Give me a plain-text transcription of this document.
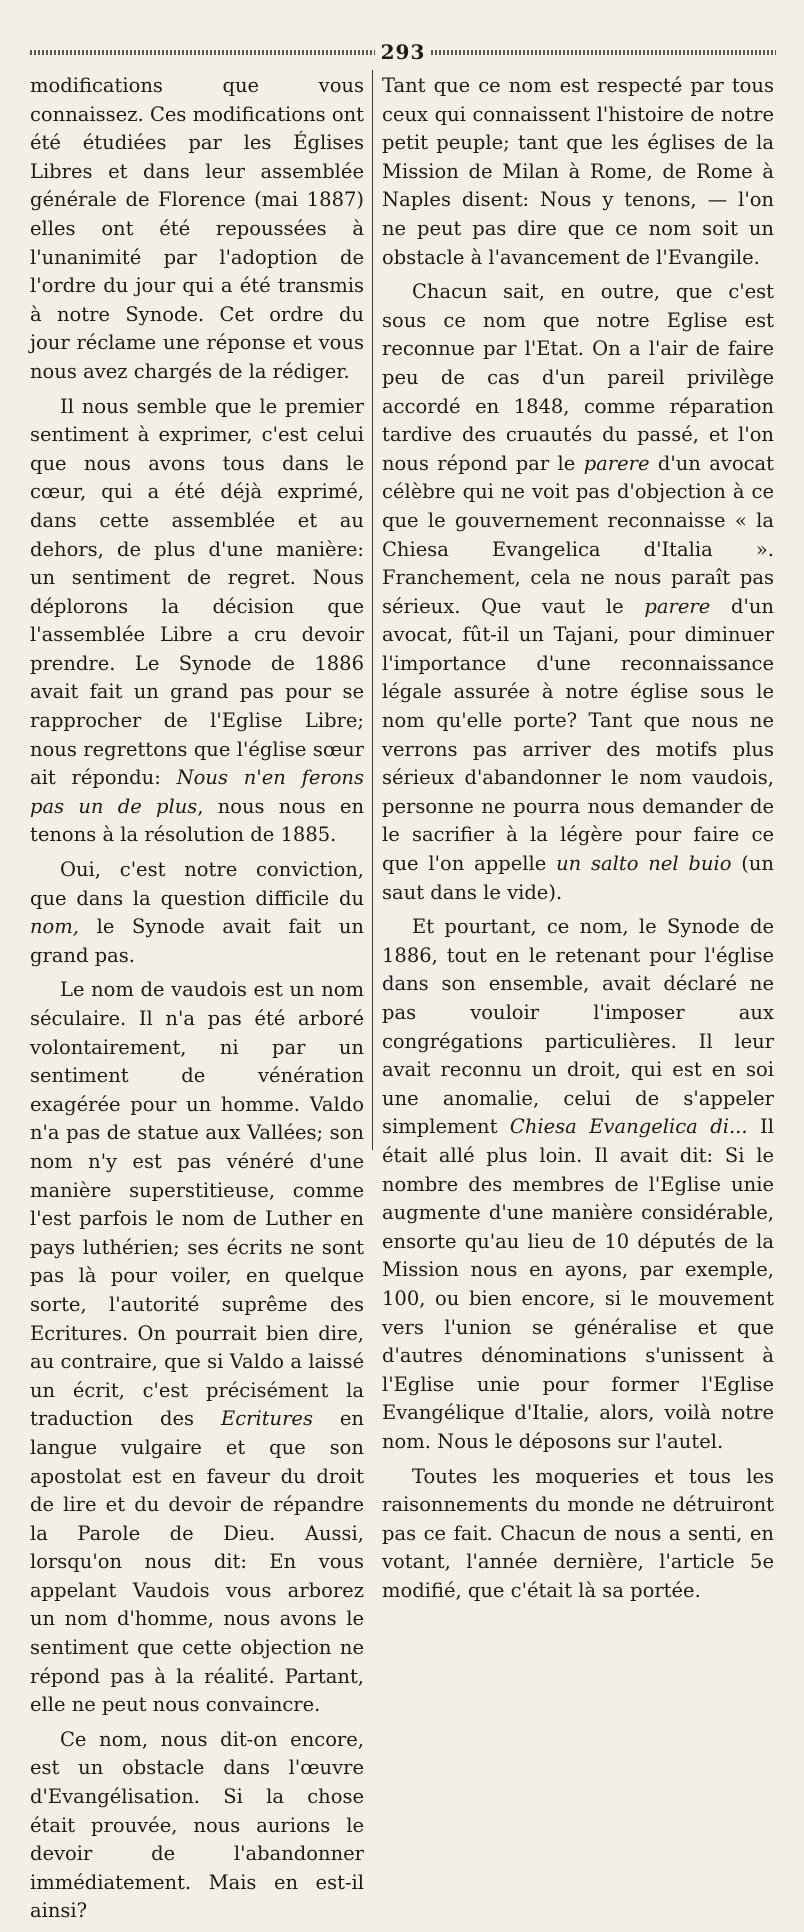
293

modifications que vous connaissez. Ces modifications ont été étudiées par les Églises Libres et dans leur assemblée générale de Florence (mai 1887) elles ont été repoussées à l'unanimité par l'adoption de l'ordre du jour qui a été transmis à notre Synode. Cet ordre du jour réclame une réponse et vous nous avez chargés de la rédiger.

Il nous semble que le premier sentiment à exprimer, c'est celui que nous avons tous dans le cœur, qui a été déjà exprimé, dans cette assemblée et au dehors, de plus d'une manière: un sentiment de regret. Nous déplorons la décision que l'assemblée Libre a cru devoir prendre. Le Synode de 1886 avait fait un grand pas pour se rapprocher de l'Eglise Libre; nous regrettons que l'église sœur ait répondu: Nous n'en ferons pas un de plus, nous nous en tenons à la résolution de 1885.

Oui, c'est notre conviction, que dans la question difficile du nom, le Synode avait fait un grand pas.

Le nom de vaudois est un nom séculaire. Il n'a pas été arboré volontairement, ni par un sentiment de vénération exagérée pour un homme. Valdo n'a pas de statue aux Vallées; son nom n'y est pas vénéré d'une manière superstitieuse, comme l'est parfois le nom de Luther en pays luthérien; ses écrits ne sont pas là pour voiler, en quelque sorte, l'autorité suprême des Ecritures. On pourrait bien dire, au contraire, que si Valdo a laissé un écrit, c'est précisément la traduction des Ecritures en langue vulgaire et que son apostolat est en faveur du droit de lire et du devoir de répandre la Parole de Dieu. Aussi, lorsqu'on nous dit: En vous appelant Vaudois vous arborez un nom d'homme, nous avons le sentiment que cette objection ne répond pas à la réalité. Partant, elle ne peut nous convaincre.

Ce nom, nous dit-on encore, est un obstacle dans l'œuvre d'Evangélisation. Si la chose était prouvée, nous aurions le devoir de l'abandonner immédiatement. Mais en est-il ainsi?

Tant que ce nom est respecté par tous ceux qui connaissent l'histoire de notre petit peuple; tant que les églises de la Mission de Milan à Rome, de Rome à Naples disent: Nous y tenons, — l'on ne peut pas dire que ce nom soit un obstacle à l'avancement de l'Evangile.

Chacun sait, en outre, que c'est sous ce nom que notre Eglise est reconnue par l'Etat. On a l'air de faire peu de cas d'un pareil privilège accordé en 1848, comme réparation tardive des cruautés du passé, et l'on nous répond par le parere d'un avocat célèbre qui ne voit pas d'objection à ce que le gouvernement reconnaisse « la Chiesa Evangelica d'Italia ». Franchement, cela ne nous paraît pas sérieux. Que vaut le parere d'un avocat, fût-il un Tajani, pour diminuer l'importance d'une reconnaissance légale assurée à notre église sous le nom qu'elle porte? Tant que nous ne verrons pas arriver des motifs plus sérieux d'abandonner le nom vaudois, personne ne pourra nous demander de le sacrifier à la légère pour faire ce que l'on appelle un salto nel buio (un saut dans le vide).

Et pourtant, ce nom, le Synode de 1886, tout en le retenant pour l'église dans son ensemble, avait déclaré ne pas vouloir l'imposer aux congrégations particulières. Il leur avait reconnu un droit, qui est en soi une anomalie, celui de s'appeler simplement Chiesa Evangelica di... Il était allé plus loin. Il avait dit: Si le nombre des membres de l'Eglise unie augmente d'une manière considérable, ensorte qu'au lieu de 10 députés de la Mission nous en ayons, par exemple, 100, ou bien encore, si le mouvement vers l'union se généralise et que d'autres dénominations s'unissent à l'Eglise unie pour former l'Eglise Evangélique d'Italie, alors, voilà notre nom. Nous le déposons sur l'autel.

Toutes les moqueries et tous les raisonnements du monde ne détruiront pas ce fait. Chacun de nous a senti, en votant, l'année dernière, l'article 5e modifié, que c'était là sa portée.
